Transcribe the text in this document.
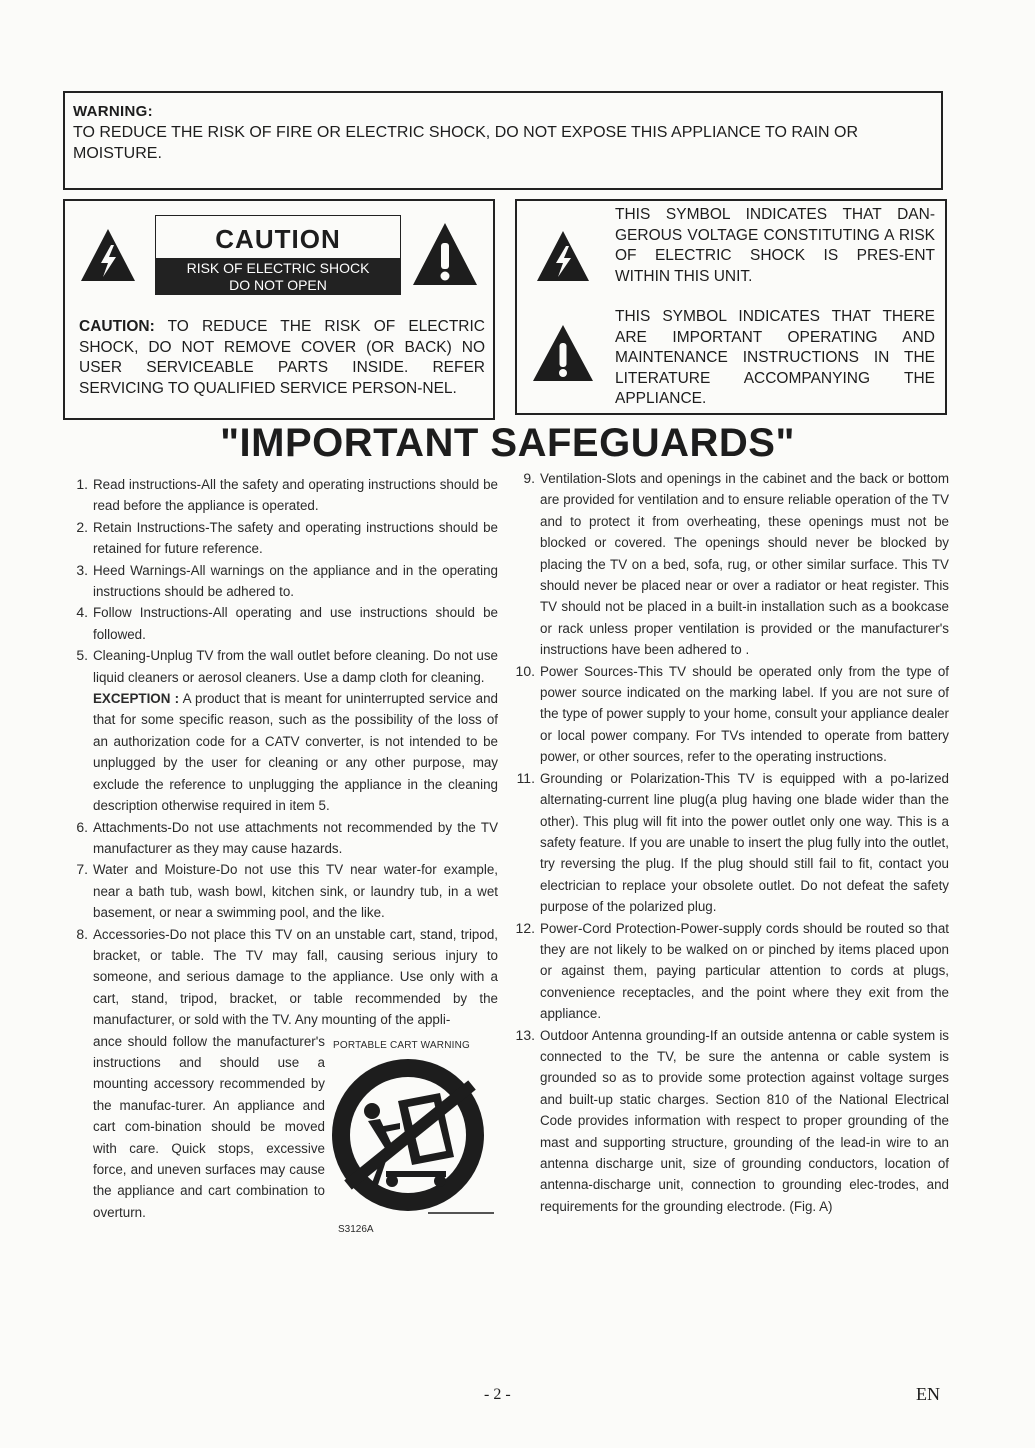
WARNING:
TO REDUCE THE RISK OF FIRE OR ELECTRIC SHOCK, DO NOT EXPOSE THIS APPLIANCE TO RAIN OR MOISTURE.
CAUTION
RISK OF ELECTRIC SHOCK
DO NOT OPEN
CAUTION: TO REDUCE THE RISK OF ELECTRIC SHOCK, DO NOT REMOVE COVER (OR BACK) NO USER SERVICEABLE PARTS INSIDE. REFER SERVICING TO QUALIFIED SERVICE PERSON-NEL.
THIS SYMBOL INDICATES THAT DAN-GEROUS VOLTAGE CONSTITUTING A RISK OF ELECTRIC SHOCK IS PRES-ENT WITHIN THIS UNIT.
THIS SYMBOL INDICATES THAT THERE ARE IMPORTANT OPERATING AND MAINTENANCE INSTRUCTIONS IN THE LITERATURE ACCOMPANYING THE APPLIANCE.
"IMPORTANT SAFEGUARDS"
1. Read instructions-All the safety and operating instructions should be read before the appliance is operated.
2. Retain Instructions-The safety and operating instructions should be retained for future reference.
3. Heed Warnings-All warnings on the appliance and in the operating instructions should be adhered to.
4. Follow Instructions-All operating and use instructions should be followed.
5. Cleaning-Unplug TV from the wall outlet before cleaning. Do not use liquid cleaners or aerosol cleaners. Use a damp cloth for cleaning.
EXCEPTION : A product that is meant for uninterrupted service and that for some specific reason, such as the possibility of the loss of an authorization code for a CATV converter, is not intended to be unplugged by the user for cleaning or any other purpose, may exclude the reference to unplugging the appliance in the cleaning description otherwise required in item 5.
6. Attachments-Do not use attachments not recommended by the TV manufacturer as they may cause hazards.
7. Water and Moisture-Do not use this TV near water-for example, near a bath tub, wash bowl, kitchen sink, or laundry tub, in a wet basement, or near a swimming pool, and the like.
8. Accessories-Do not place this TV on an unstable cart, stand, tripod, bracket, or table. The TV may fall, causing serious injury to someone, and serious damage to the appliance. Use only with a cart, stand, tripod, bracket, or table recommended by the manufacturer, or sold with the TV. Any mounting of the appli-
ance should follow the manufacturer's instructions and should use a mounting accessory recommended by the manufac-turer. An appliance and cart com-bination should be moved with care. Quick stops, excessive force, and uneven surfaces may cause the appliance and cart combination to overturn.
PORTABLE CART WARNING
S3126A
9. Ventilation-Slots and openings in the cabinet and the back or bottom are provided for ventilation and to ensure reliable operation of the TV and to protect it from overheating, these openings must not be blocked or covered. The openings should never be blocked by placing the TV on a bed, sofa, rug, or other similar surface. This TV should never be placed near or over a radiator or heat register. This TV should not be placed in a built-in installation such as a bookcase or rack unless proper ventilation is provided or the manufacturer's instructions have been adhered to .
10. Power Sources-This TV should be operated only from the type of power source indicated on the marking label. If you are not sure of the type of power supply to your home, consult your appliance dealer or local power company. For TVs intended to operate from battery power, or other sources, refer to the operating instructions.
11. Grounding or Polarization-This TV is equipped with a po-larized alternating-current line plug(a plug having one blade wider than the other). This plug will fit into the power outlet only one way. This is a safety feature. If you are unable to insert the plug fully into the outlet, try reversing the plug. If the plug should still fail to fit, contact you electrician to replace your obsolete outlet. Do not defeat the safety purpose of the polarized plug.
12. Power-Cord Protection-Power-supply cords should be routed so that they are not likely to be walked on or pinched by items placed upon or against them, paying particular attention to cords at plugs, convenience receptacles, and the point where they exit from the appliance.
13. Outdoor Antenna grounding-If an outside antenna or cable system is connected to the TV, be sure the antenna or cable system is grounded so as to provide some protection against voltage surges and built-up static charges. Section 810 of the National Electrical Code provides information with respect to proper grounding of the mast and supporting structure, grounding of the lead-in wire to an antenna discharge unit, size of grounding conductors, location of antenna-discharge unit, connection to grounding elec-trodes, and requirements for the grounding electrode. (Fig. A)
- 2 -	EN
